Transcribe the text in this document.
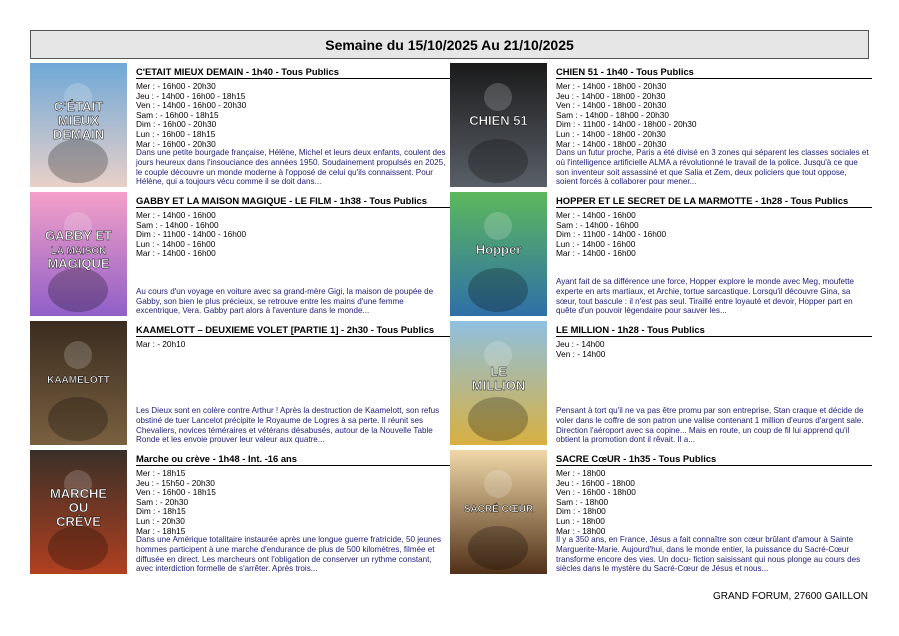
Semaine du 15/10/2025 Au 21/10/2025
C'ÉTAIT
MIEUX
DEMAIN
C'ETAIT MIEUX DEMAIN - 1h40 - Tous Publics
Mer : - 16h00 - 20h30
Jeu : - 14h00 - 16h00 - 18h15
Ven : - 14h00 - 16h00 - 20h30
Sam : - 16h00 - 18h15
Dim : - 16h00 - 20h30
Lun : - 16h00 - 18h15
Mar : - 16h00 - 20h30
Dans une petite bourgade française, Hélène, Michel et leurs deux enfants, coulent des jours heureux dans l'insouciance des années 1950. Soudainement propulsés en 2025, le couple découvre un monde moderne à l'opposé de celui qu'ils connaissent. Pour Hélène, qui a toujours vécu comme il se doit dans...
CHIEN 51
CHIEN 51 - 1h40 - Tous Publics
Mer : - 14h00 - 18h00 - 20h30
Jeu : - 14h00 - 18h00 - 20h30
Ven : - 14h00 - 18h00 - 20h30
Sam : - 14h00 - 18h00 - 20h30
Dim : - 11h00 - 14h00 - 18h00 - 20h30
Lun : - 14h00 - 18h00 - 20h30
Mar : - 14h00 - 18h00 - 20h30
Dans un futur proche, Paris a été divisé en 3 zones qui séparent les classes sociales et où l'intelligence artificielle ALMA a révolutionné le travail de la police. Jusqu'à ce que son inventeur soit assassiné et que Salia et Zem, deux policiers que tout oppose, soient forcés à collaborer pour mener...
GABBY ET
LA MAISON
MAGIQUE
GABBY ET LA MAISON MAGIQUE - LE FILM - 1h38 - Tous Publics
Mer : - 14h00 - 16h00
Sam : - 14h00 - 16h00
Dim : - 11h00 - 14h00 - 16h00
Lun : - 14h00 - 16h00
Mar : - 14h00 - 16h00
Au cours d'un voyage en voiture avec sa grand-mère Gigi, la maison de poupée de Gabby, son bien le plus précieux, se retrouve entre les mains d'une femme excentrique, Vera. Gabby part alors à l'aventure dans le monde...
Hopper
HOPPER ET LE SECRET DE LA MARMOTTE - 1h28 - Tous Publics
Mer : - 14h00 - 16h00
Sam : - 14h00 - 16h00
Dim : - 11h00 - 14h00 - 16h00
Lun : - 14h00 - 16h00
Mar : - 14h00 - 16h00
Ayant fait de sa différence une force, Hopper explore le monde avec Meg, moufette experte en arts martiaux, et Archie, tortue sarcastique. Lorsqu'il découvre Gina, sa sœur, tout bascule : il n'est pas seul. Tiraillé entre loyauté et devoir, Hopper part en quête d'un pouvoir légendaire pour sauver les...
KAAMELOTT
KAAMELOTT – DEUXIEME VOLET [PARTIE 1] - 2h30 - Tous Publics
Mar : - 20h10
Les Dieux sont en colère contre Arthur ! Après la destruction de Kaamelott, son refus obstiné de tuer Lancelot précipite le Royaume de Logres à sa perte. Il réunit ses Chevaliers, novices téméraires et vétérans désabusés, autour de la Nouvelle Table Ronde et les envoie prouver leur valeur aux quatre...
LE
MILLION
LE MILLION - 1h28 - Tous Publics
Jeu : - 14h00
Ven : - 14h00
Pensant à tort qu'il ne va pas être promu par son entreprise, Stan craque et décide de voler dans le coffre de son patron une valise contenant 1 million d'euros d'argent sale. Direction l'aéroport avec sa copine... Mais en route, un coup de fil lui apprend qu'il obtient la promotion dont il rêvait. Il a...
MARCHE
OU
CRÈVE
Marche ou crève - 1h48 - Int. -16 ans
Mer : - 18h15
Jeu : - 15h50 - 20h30
Ven : - 16h00 - 18h15
Sam : - 20h30
Dim : - 18h15
Lun : - 20h30
Mar : - 18h15
Dans une Amérique totalitaire instaurée après une longue guerre fratricide, 50 jeunes hommes participent à une marche d'endurance de plus de 500 kilomètres, filmée et diffusée en direct. Les marcheurs ont l'obligation de conserver un rythme constant, avec interdiction formelle de s'arrêter. Après trois...
SACRÉ CŒUR
SACRE CœUR - 1h35 - Tous Publics
Mer : - 18h00
Jeu : - 16h00 - 18h00
Ven : - 16h00 - 18h00
Sam : - 18h00
Dim : - 18h00
Lun : - 18h00
Mar : - 18h00
Il y a 350 ans, en France, Jésus a fait connaître son cœur brûlant d'amour à Sainte Marguerite-Marie. Aujourd'hui, dans le monde entier, la puissance du Sacré-Cœur transforme encore des vies. Un docu- fiction saisissant qui nous plonge au cours des siècles dans le mystère du Sacré-Cœur de Jésus et nous...
GRAND FORUM, 27600 GAILLON
